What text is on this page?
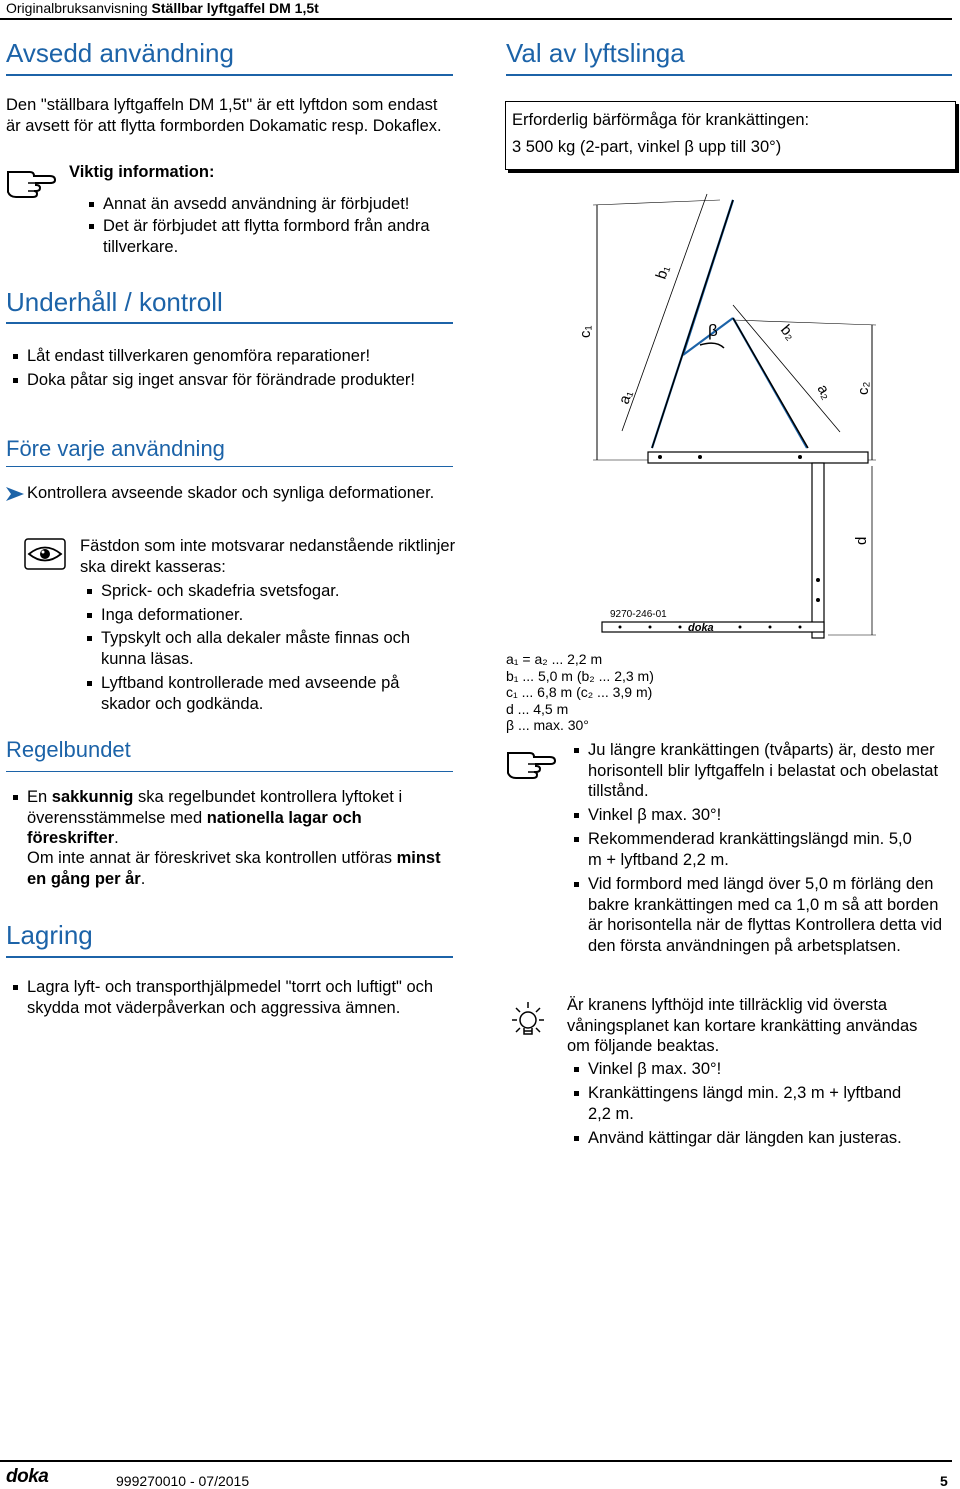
Originalbruksanvisning Ställbar lyftgaffel DM 1,5t
Avsedd användning
Den "ställbara lyftgaffeln DM 1,5t" är ett lyftdon som endast är avsett för att flytta formborden Dokamatic resp. Dokaflex.
Viktig information:
Annat än avsedd användning är förbjudet!
Det är förbjudet att flytta formbord från andra tillverkare.
Underhåll / kontroll
Låt endast tillverkaren genomföra reparationer!
Doka påtar sig inget ansvar för förändrade produkter!
Före varje användning
Kontrollera avseende skador och synliga deformationer.
Fästdon som inte motsvarar nedanstående riktlinjer ska direkt kasseras:
Sprick- och skadefria svetsfogar.
Inga deformationer.
Typskylt och alla dekaler måste finnas och kunna läsas.
Lyftband kontrollerade med avseende på skador och godkända.
Regelbundet
En sakkunnig ska regelbundet kontrollera lyftoket i överensstämmelse med nationella lagar och föreskrifter.
Om inte annat är föreskrivet ska kontrollen utföras minst en gång per år.
Lagring
Lagra lyft- och transporthjälpmedel "torrt och luftigt" och skydda mot väderpåverkan och aggressiva ämnen.
Val av lyftslinga
Erforderlig bärförmåga för krankättingen:
3 500 kg (2-part, vinkel β upp till 30°)
b₁
c₁	β	b₂
a₁	a₂ c₂
d
9270-246-01
doka
a₁ = a₂ ... 2,2 m
b₁ ... 5,0 m (b₂ ... 2,3 m)
c₁ ... 6,8 m (c₂ ... 3,9 m)
d ... 4,5 m
β ... max. 30°
Ju längre krankättingen (tvåparts) är, desto mer horisontell blir lyftgaffeln i belastat och obelastat tillstånd.
Vinkel β max. 30°!
Rekommenderad krankättingslängd min. 5,0 m + lyftband 2,2 m.
Vid formbord med längd över 5,0 m förläng den bakre krankättingen med ca 1,0 m så att borden är horisontella när de flyttas Kontrollera detta vid den första användningen på arbetsplatsen.
Är kranens lyfthöjd inte tillräcklig vid översta våningsplanet kan kortare krankätting användas om följande beaktas.
Vinkel β max. 30°!
Krankättingens längd min. 2,3 m + lyftband 2,2 m.
Använd kättingar där längden kan justeras.
doka	999270010 - 07/2015	5
